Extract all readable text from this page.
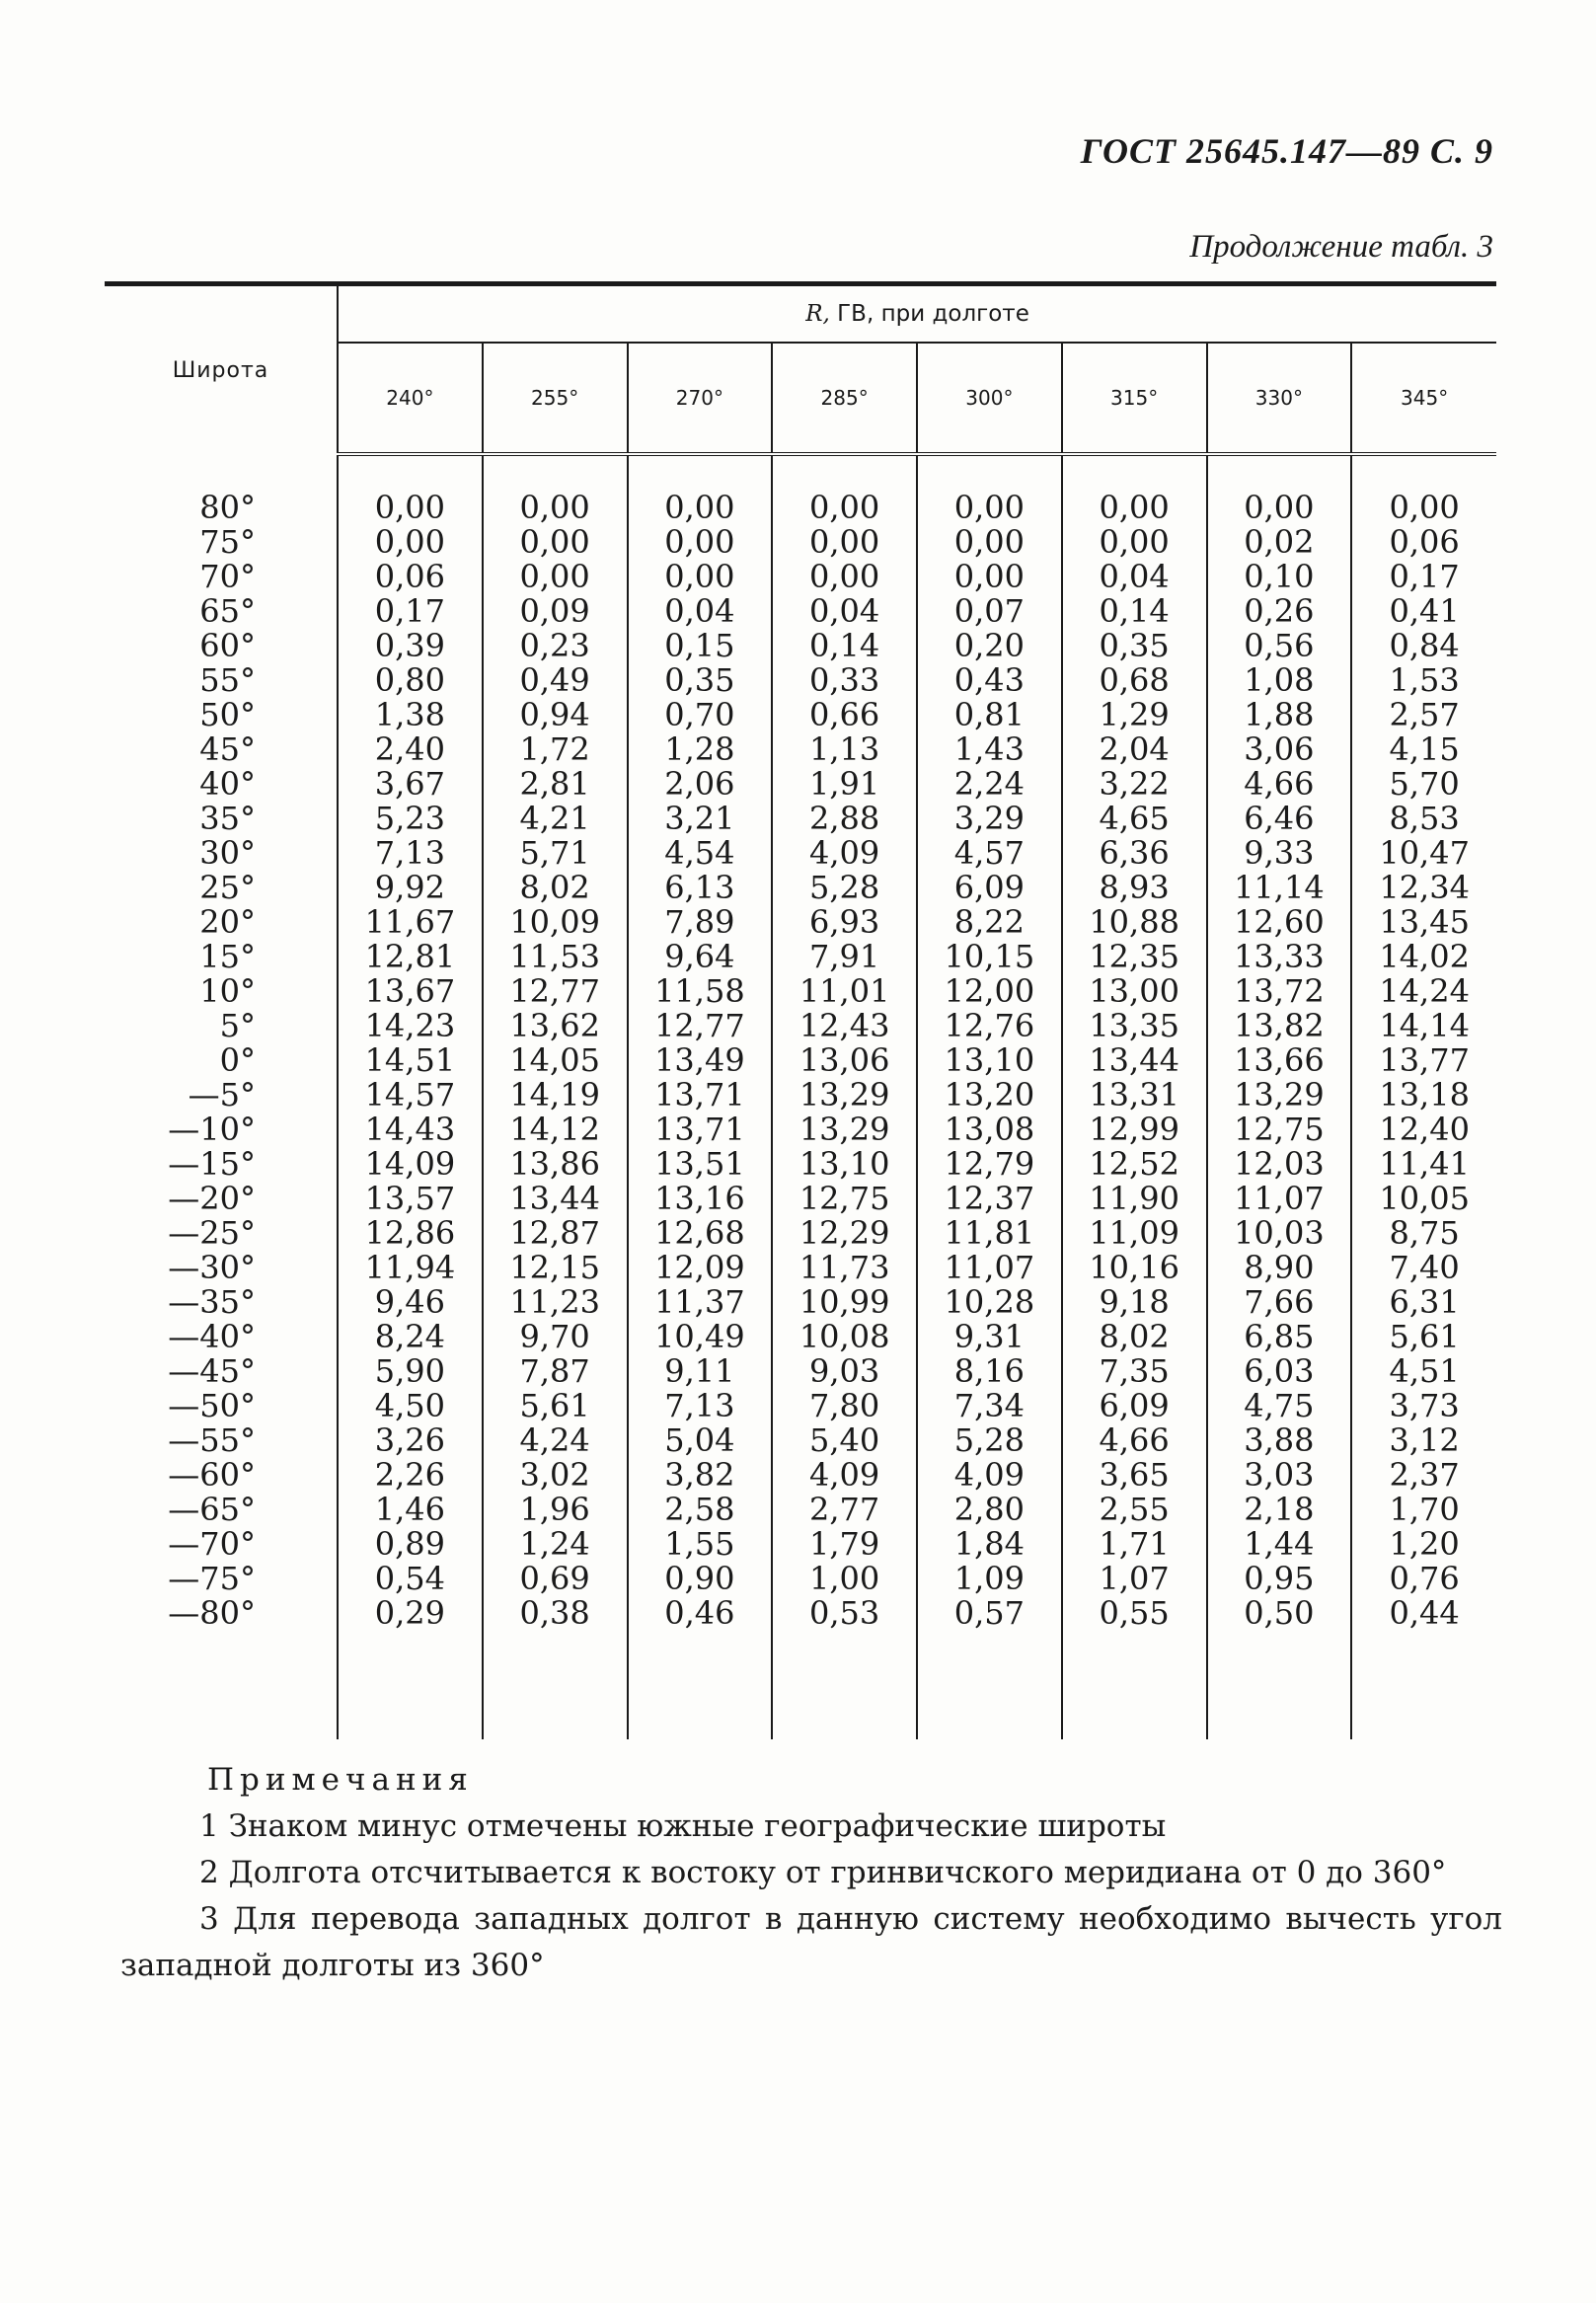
ГОСТ 25645.147—89 С. 9
Продолжение табл. 3
Широта	R, ГВ, при долготе							
	240°	255°	270°	285°	300°	315°	330°	345°

80°	0,00	0,00	0,00	0,00	0,00	0,00	0,00	0,00
75°	0,00	0,00	0,00	0,00	0,00	0,00	0,02	0,06
70°	0,06	0,00	0,00	0,00	0,00	0,04	0,10	0,17
65°	0,17	0,09	0,04	0,04	0,07	0,14	0,26	0,41
60°	0,39	0,23	0,15	0,14	0,20	0,35	0,56	0,84
55°	0,80	0,49	0,35	0,33	0,43	0,68	1,08	1,53
50°	1,38	0,94	0,70	0,66	0,81	1,29	1,88	2,57
45°	2,40	1,72	1,28	1,13	1,43	2,04	3,06	4,15
40°	3,67	2,81	2,06	1,91	2,24	3,22	4,66	5,70
35°	5,23	4,21	3,21	2,88	3,29	4,65	6,46	8,53
30°	7,13	5,71	4,54	4,09	4,57	6,36	9,33	10,47
25°	9,92	8,02	6,13	5,28	6,09	8,93	11,14	12,34
20°	11,67	10,09	7,89	6,93	8,22	10,88	12,60	13,45
15°	12,81	11,53	9,64	7,91	10,15	12,35	13,33	14,02
10°	13,67	12,77	11,58	11,01	12,00	13,00	13,72	14,24
5°	14,23	13,62	12,77	12,43	12,76	13,35	13,82	14,14
0°	14,51	14,05	13,49	13,06	13,10	13,44	13,66	13,77
—5°	14,57	14,19	13,71	13,29	13,20	13,31	13,29	13,18
—10°	14,43	14,12	13,71	13,29	13,08	12,99	12,75	12,40
—15°	14,09	13,86	13,51	13,10	12,79	12,52	12,03	11,41
—20°	13,57	13,44	13,16	12,75	12,37	11,90	11,07	10,05
—25°	12,86	12,87	12,68	12,29	11,81	11,09	10,03	8,75
—30°	11,94	12,15	12,09	11,73	11,07	10,16	8,90	7,40
—35°	9,46	11,23	11,37	10,99	10,28	9,18	7,66	6,31
—40°	8,24	9,70	10,49	10,08	9,31	8,02	6,85	5,61
—45°	5,90	7,87	9,11	9,03	8,16	7,35	6,03	4,51
—50°	4,50	5,61	7,13	7,80	7,34	6,09	4,75	3,73
—55°	3,26	4,24	5,04	5,40	5,28	4,66	3,88	3,12
—60°	2,26	3,02	3,82	4,09	4,09	3,65	3,03	2,37
—65°	1,46	1,96	2,58	2,77	2,80	2,55	2,18	1,70
—70°	0,89	1,24	1,55	1,79	1,84	1,71	1,44	1,20
—75°	0,54	0,69	0,90	1,00	1,09	1,07	0,95	0,76
—80°	0,29	0,38	0,46	0,53	0,57	0,55	0,50	0,44

Примечания

1 Знаком минус отмечены южные географические широты

2 Долгота отсчитывается к востоку от гринвичского меридиана от 0 до 360°

3 Для перевода западных долгот в данную систему необходимо вычесть угол западной долготы из 360°
